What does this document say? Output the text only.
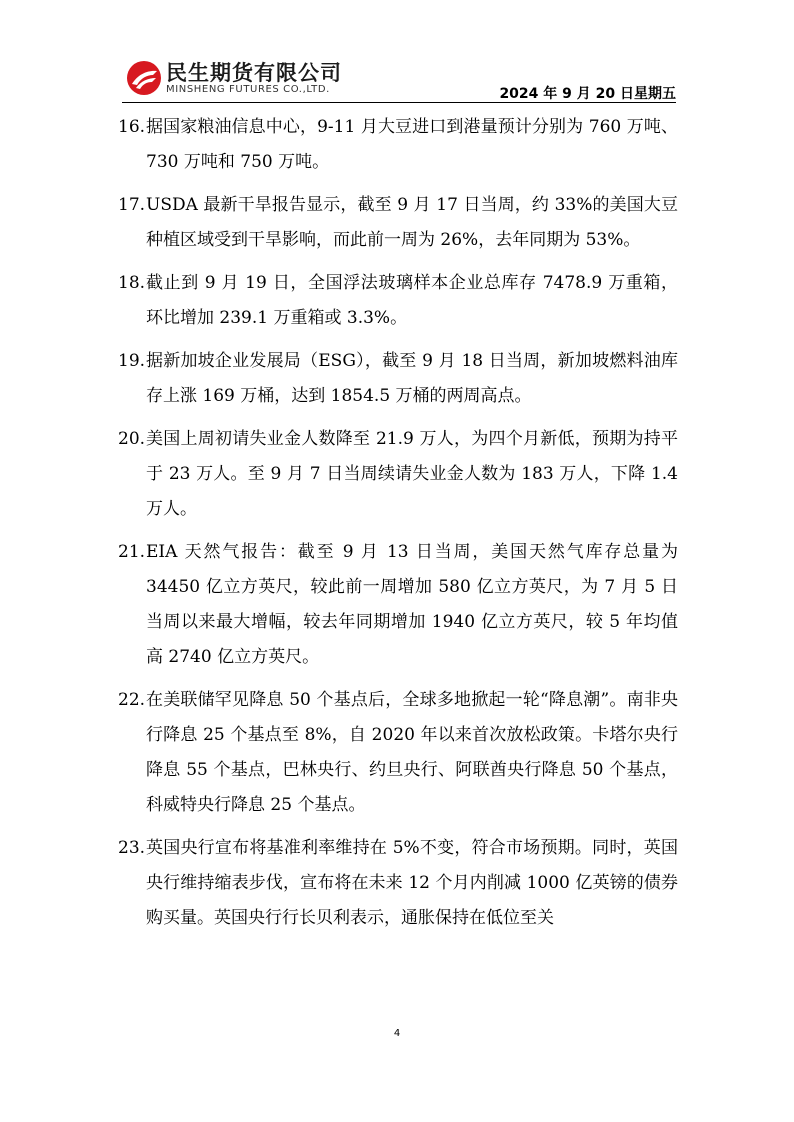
民生期货有限公司
MINSHENG FUTURES CO.,LTD.	2024 年 9 月 20 日星期五
16. 据国家粮油信息中心，9-11 月大豆进口到港量预计分别为 760 万吨、730 万吨和 750 万吨。
17. USDA 最新干旱报告显示，截至 9 月 17 日当周，约 33%的美国大豆种植区域受到干旱影响，而此前一周为 26%，去年同期为 53%。
18. 截止到 9 月 19 日，全国浮法玻璃样本企业总库存 7478.9 万重箱，环比增加 239.1 万重箱或 3.3%。
19. 据新加坡企业发展局（ESG），截至 9 月 18 日当周，新加坡燃料油库存上涨 169 万桶，达到 1854.5 万桶的两周高点。
20. 美国上周初请失业金人数降至 21.9 万人，为四个月新低，预期为持平于 23 万人。至 9 月 7 日当周续请失业金人数为 183 万人，下降 1.4 万人。
21. EIA 天然气报告：截至 9 月 13 日当周，美国天然气库存总量为 34450 亿立方英尺，较此前一周增加 580 亿立方英尺，为 7 月 5 日当周以来最大增幅，较去年同期增加 1940 亿立方英尺，较 5 年均值高 2740 亿立方英尺。
22. 在美联储罕见降息 50 个基点后，全球多地掀起一轮“降息潮”。南非央行降息 25 个基点至 8%，自 2020 年以来首次放松政策。卡塔尔央行降息 55 个基点，巴林央行、约旦央行、阿联酋央行降息 50 个基点，科威特央行降息 25 个基点。
23. 英国央行宣布将基准利率维持在 5%不变，符合市场预期。同时，英国央行维持缩表步伐，宣布将在未来 12 个月内削减 1000 亿英镑的债券购买量。英国央行行长贝利表示，通胀保持在低位至关
4
